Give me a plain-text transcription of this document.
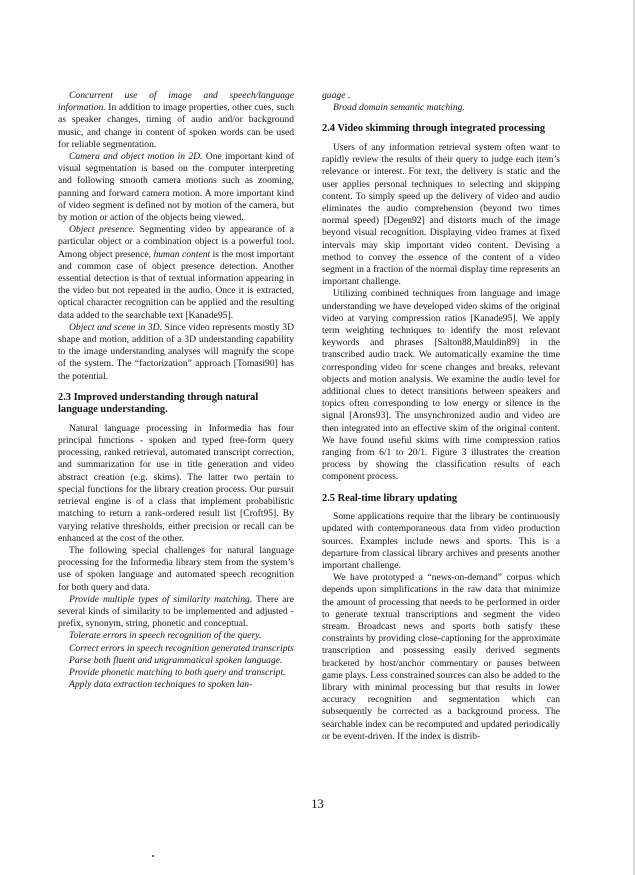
Concurrent use of image and speech/language information. In addition to image properties, other cues, such as speaker changes, timing of audio and/or background music, and change in content of spoken words can be used for reliable segmentation.

Camera and object motion in 2D. One important kind of visual segmentation is based on the computer interpreting and following smooth camera motions such as zooming, panning and forward camera motion. A more important kind of video segment is defined not by motion of the camera, but by motion or action of the objects being viewed.

Object presence. Segmenting video by appearance of a particular object or a combination object is a powerful tool. Among object presence, human content is the most important and common case of object presence detection. Another essential detection is that of textual information appearing in the video but not repeated in the audio. Once it is extracted, optical character recognition can be applied and the resulting data added to the searchable text [Kanade95].

Object and scene in 3D. Since video represents mostly 3D shape and motion, addition of a 3D understanding capability to the image understanding analyses will magnify the scope of the system. The “factorization” approach [Tomasi90] has the potential.

2.3 Improved understanding through natural language understanding.

Natural language processing in Informedia has four principal functions - spoken and typed free-form query processing, ranked retrieval, automated transcript correction, and summarization for use in title generation and video abstract creation (e.g. skims). The latter two pertain to special functions for the library creation process. Our pursuit retrieval engine is of a class that implement probabilistic matching to return a rank-ordered result list [Croft95]. By varying relative thresholds, either precision or recall can be enhanced at the cost of the other.

The following special challenges for natural language processing for the Informedia library stem from the system’s use of spoken language and automated speech recognition for both query and data.

Provide multiple types of similarity matching. There are several kinds of similarity to be implemented and adjusted - prefix, synonym, string, phonetic and conceptual.

Tolerate errors in speech recognition of the query.

Correct errors in speech recognition generated transcripts

Parse both fluent and ungrammatical spoken language.

Provide phonetic matching to both query and transcript.

Apply data extraction techniques to spoken lan-

guage .

Broad domain semantic matching.

2.4 Video skimming through integrated processing

Users of any information retrieval system often want to rapidly review the results of their query to judge each item’s relevance or interest. For text, the delivery is static and the user applies personal techniques to selecting and skipping content. To simply speed up the delivery of video and audio eliminates the audio comprehension (beyond two times normal speed) [Degen92] and distorts much of the image beyond visual recognition. Displaying video frames at fixed intervals may skip important video content. Devising a method to convey the essence of the content of a video segment in a fraction of the normal display time represents an important challenge.

Utilizing combined techniques from language and image understanding we have developed video skims of the original video at varying compression ratios [Kanade95]. We apply term weighting techniques to identify the most relevant keywords and phrases [Salton88,Mauldin89] in the transcribed audio track. We automatically examine the time corresponding video for scene changes and breaks, relevant objects and motion analysis. We examine the audio level for additional clues to detect transitions between speakers and topics often corresponding to low energy or silence in the signal [Arons93]. The unsynchronized audio and video are then integrated into an effective skim of the original content. We have found useful skims with time compression ratios ranging from 6/1 to 20/1. Figure 3 illustrates the creation process by showing the classification results of each component process.

2.5 Real-time library updating

Some applications require that the library be continuously updated with contemporaneous data from video production sources. Examples include news and sports. This is a departure from classical library archives and presents another important challenge.

We have prototyped a “news-on-demand” corpus which depends upon simplifications in the raw data that minimize the amount of processing that needs to be performed in order to generate textual transcriptions and segment the video stream. Broadcast news and sports both satisfy these constraints by providing close-captioning for the approximate transcription and possessing easily derived segments bracketed by host/anchor commentary or pauses between game plays. Less constrained sources can also be added to the library with minimal processing but that results in lower accuracy recognition and segmentation which can subsequently be corrected as a background process. The searchable index can be recomputed and updated periodically or be event-driven. If the index is distrib-

13
